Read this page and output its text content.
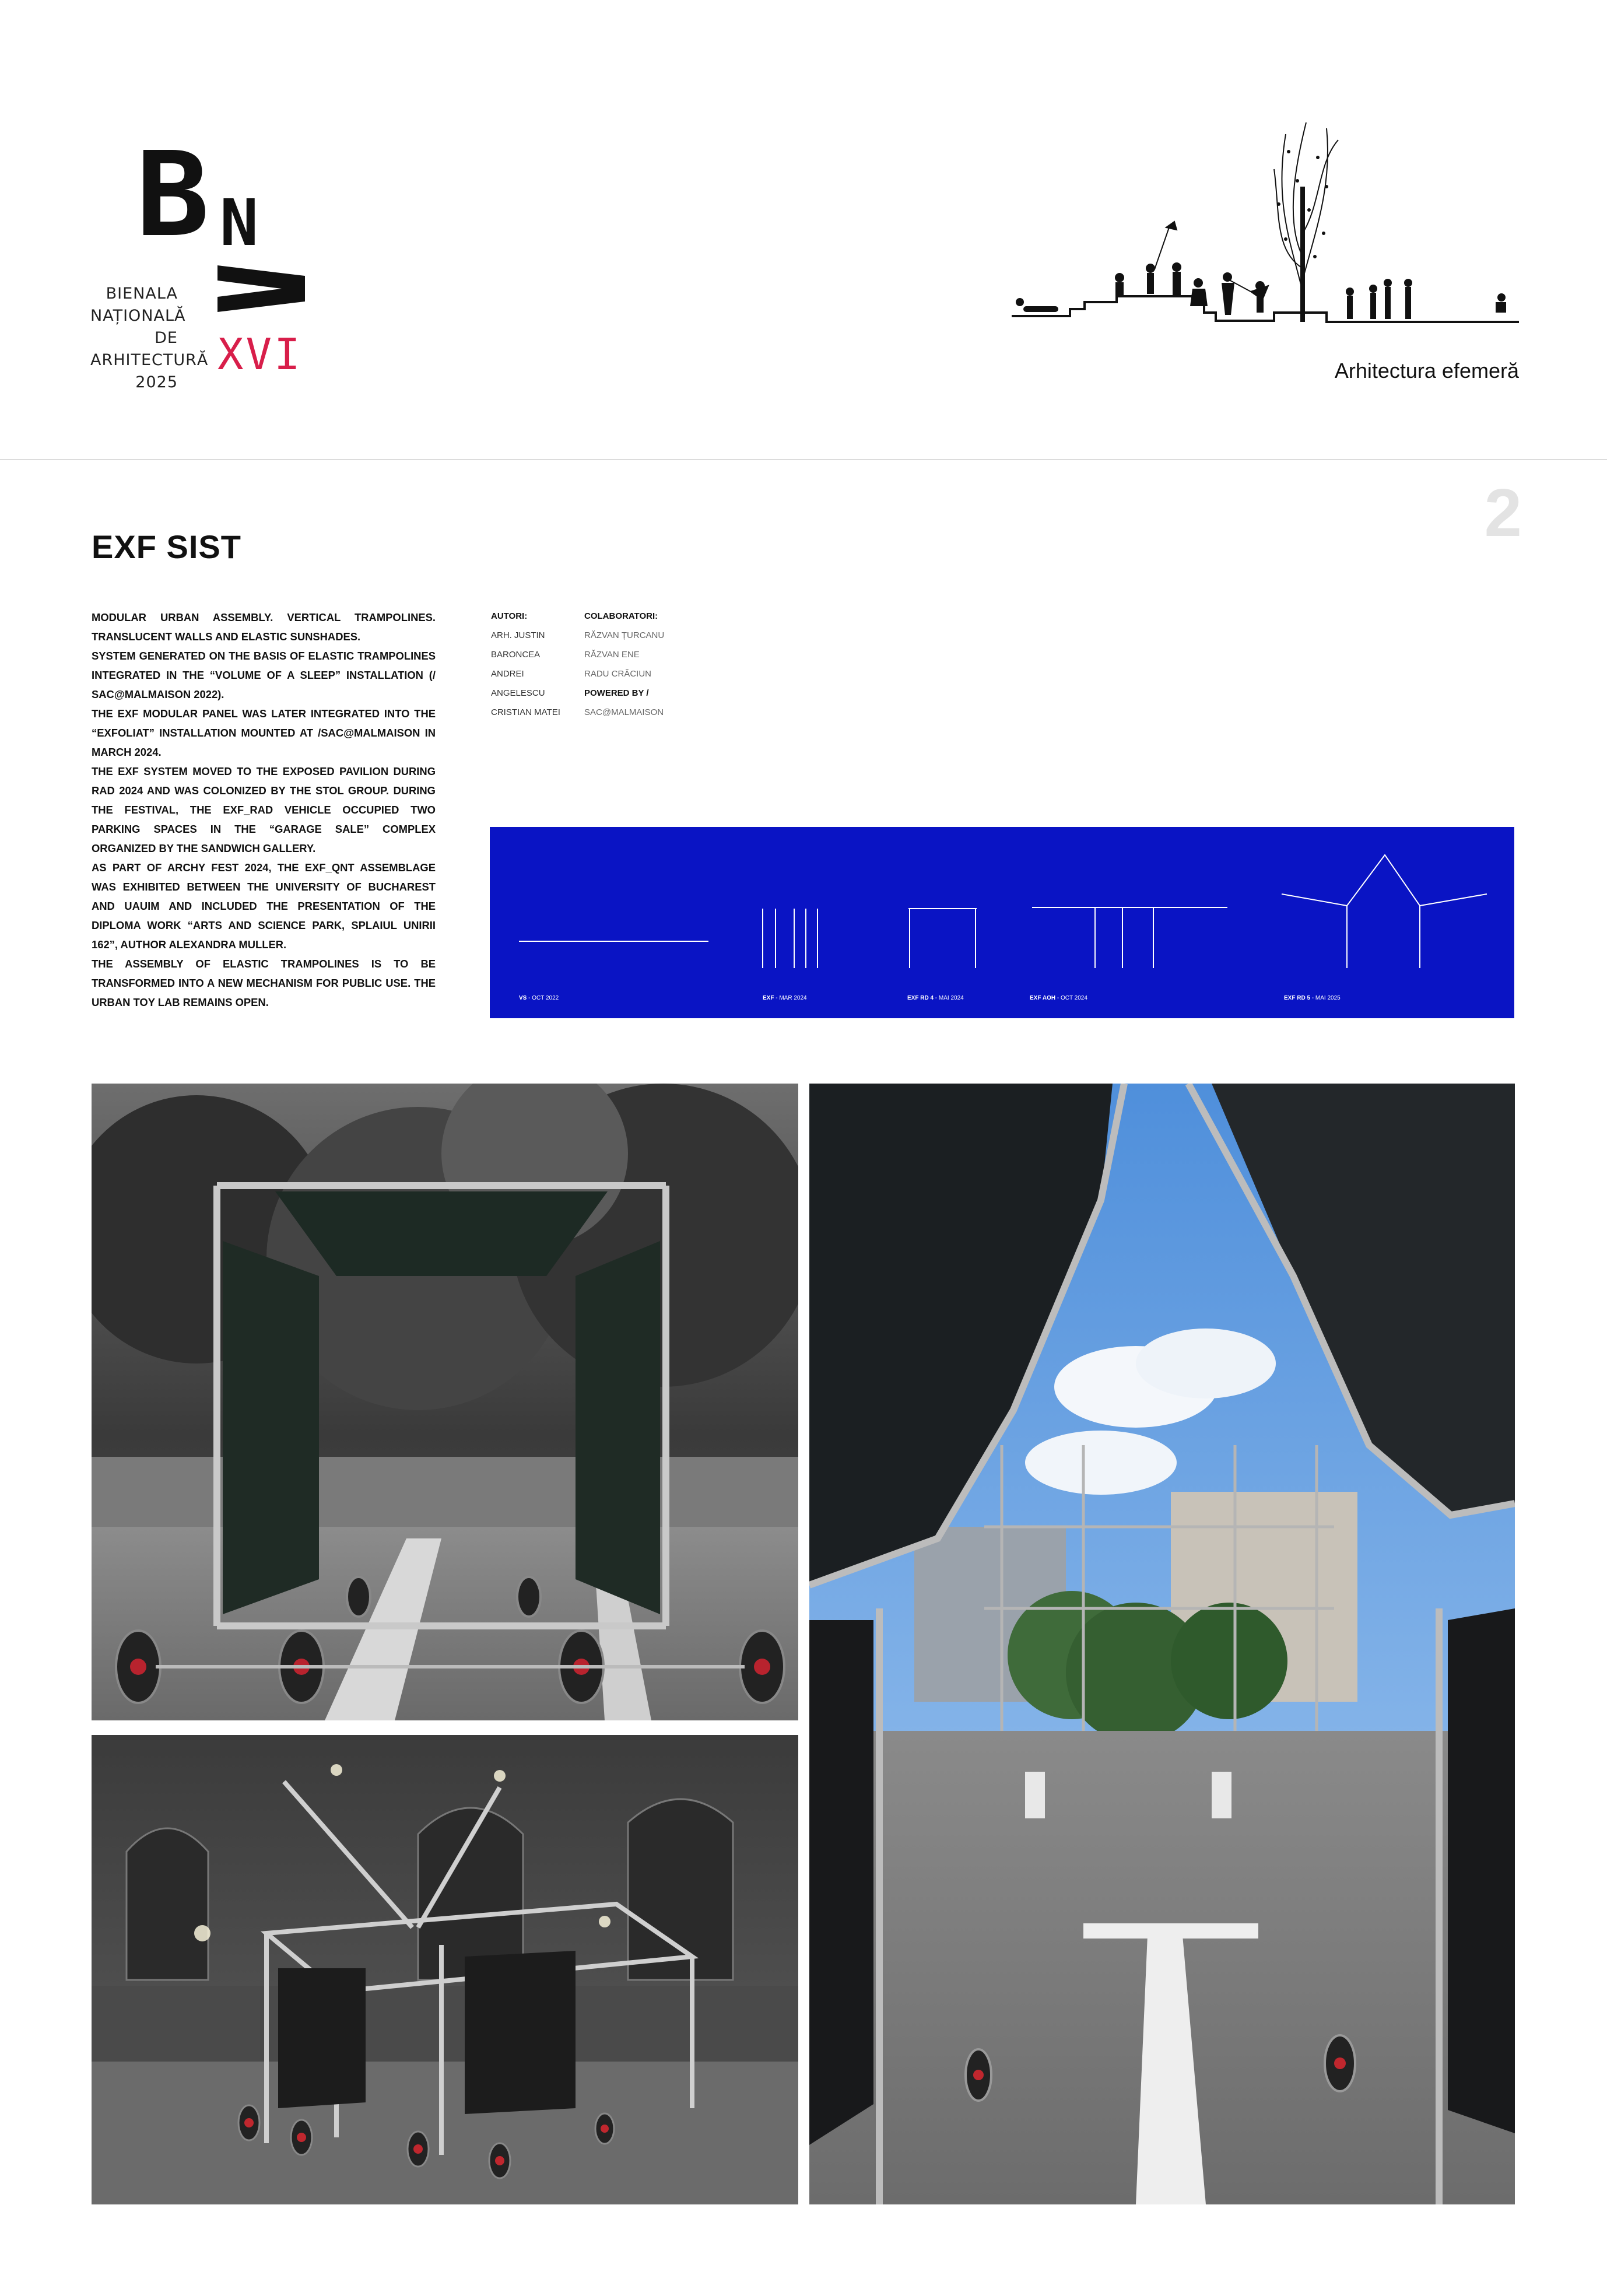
B N
BIENALA
NAȚIONALĂ
DE
ARHITECTURĂ
2025
XVI	Arhitectura efemeră
2
EXF SIST

MODULAR URBAN ASSEMBLY. VERTICAL TRAMPOLINES. TRANSLUCENT WALLS AND ELASTIC SUNSHADES.

SYSTEM GENERATED ON THE BASIS OF ELASTIC TRAMPOLINES INTEGRATED IN THE “VOLUME OF A SLEEP” INSTALLATION (/ SAC@MALMAISON 2022).

THE EXF MODULAR PANEL WAS LATER INTEGRATED INTO THE “EXFOLIAT” INSTALLATION MOUNTED AT /SAC@MALMAISON IN MARCH 2024.

THE EXF SYSTEM MOVED TO THE EXPOSED PAVILION DURING RAD 2024 AND WAS COLONIZED BY THE STOL GROUP. DURING THE FESTIVAL, THE EXF_RAD VEHICLE OCCUPIED TWO PARKING SPACES IN THE “GARAGE SALE” COMPLEX ORGANIZED BY THE SANDWICH GALLERY.

AS PART OF ARCHY FEST 2024, THE EXF_QNT ASSEMBLAGE WAS EXHIBITED BETWEEN THE UNIVERSITY OF BUCHAREST AND UAUIM AND INCLUDED THE PRESENTATION OF THE DIPLOMA WORK “ARTS AND SCIENCE PARK, SPLAIUL UNIRII 162”, AUTHOR ALEXANDRA MULLER.

THE ASSEMBLY OF ELASTIC TRAMPOLINES IS TO BE TRANSFORMED INTO A NEW MECHANISM FOR PUBLIC USE. THE URBAN TOY LAB REMAINS OPEN.

AUTORI:
ARH. JUSTIN
BARONCEA
ANDREI
ANGELESCU
CRISTIAN MATEI
COLABORATORI:
RĂZVAN ȚURCANU
RĂZVAN ENE
RADU CRĂCIUN
POWERED BY /
SAC@MALMAISON
VS - OCT 2022	EXF - MAR 2024	EXF RD 4 - MAI 2024	EXF AOH - OCT 2024	EXF RD 5 - MAI 2025
